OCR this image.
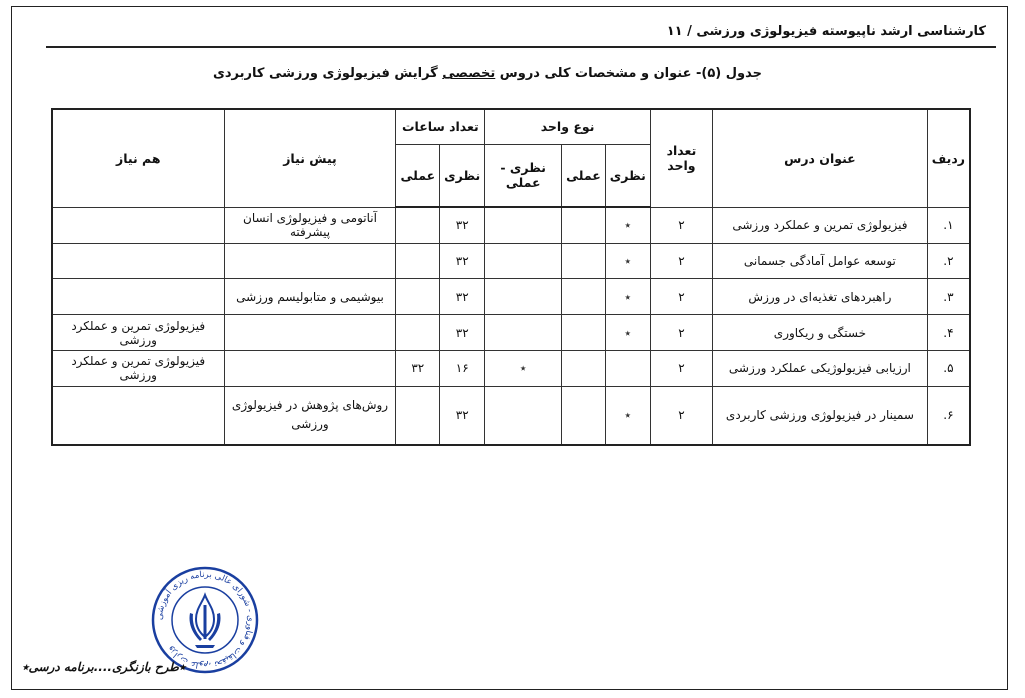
کارشناسی ارشد ناپیوسته فیزیولوژی ورزشی / ۱۱
جدول (۵)- عنوان و مشخصات کلی دروس تخصصی گرایش فیزیولوژی ورزشی کاربردی
ردیف	عنوان درس	تعداد واحد	نوع واحد			تعداد ساعات		پیش نیاز	هم نیاز
			نظری	عملی	نظری - عملی	نظری	عملی		
۱.	فیزیولوژی تمرین و عملکرد ورزشی	۲	٭			۳۲		آناتومی و فیزیولوژی انسان پیشرفته	
۲.	توسعه عوامل آمادگی جسمانی	۲	٭			۳۲			
۳.	راهبردهای تغذیه‌ای در ورزش	۲	٭			۳۲		بیوشیمی و متابولیسم ورزشی	
۴.	خستگی و ریکاوری	۲	٭			۳۲			فیزیولوژی تمرین و عملکرد ورزشی
۵.	ارزیابی فیزیولوژیکی عملکرد ورزشی	۲			٭	۱۶	۳۲		فیزیولوژی تمرین و عملکرد ورزشی
۶.	سمینار در فیزیولوژی ورزشی کاربردی	۲	٭			۳۲		روش‌های پژوهش در فیزیولوژی ورزشی	
وزارت علوم، تحقیقات و فناوری - شورای عالی برنامه ریزی آموزشی
٭طرح بازنگری....برنامه درسی٭
